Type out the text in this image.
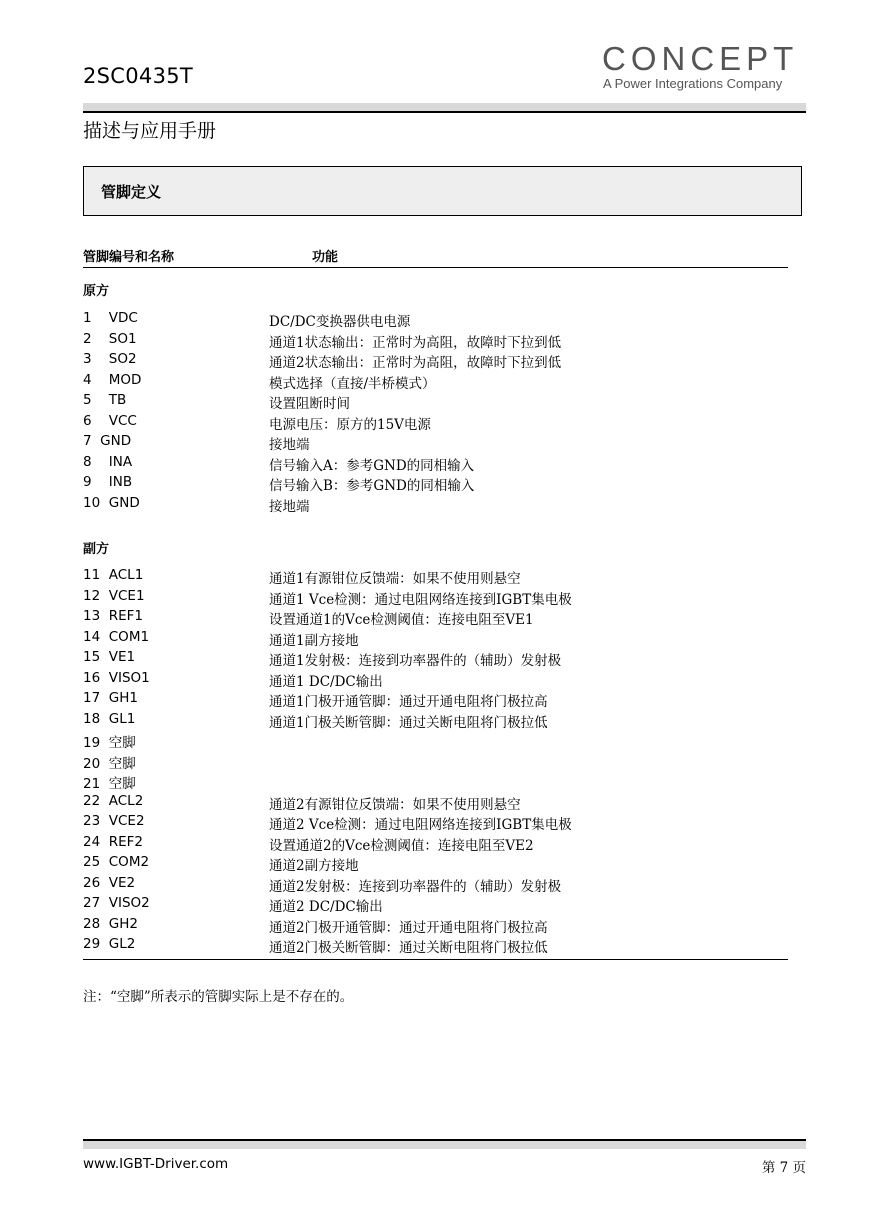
2SC0435T	CONCEPT
A Power Integrations Company
描述与应用手册
管脚定义
管脚编号和名称	功能
原方
1    VDC	DC/DC变换器供电电源
2    SO1	通道1状态输出：正常时为高阻，故障时下拉到低
3    SO2	通道2状态输出：正常时为高阻，故障时下拉到低
4    MOD	模式选择（直接/半桥模式）
5    TB	设置阻断时间
6    VCC	电源电压：原方的15V电源
7  GND	接地端
8    INA	信号输入A：参考GND的同相输入
9    INB	信号输入B：参考GND的同相输入
10  GND	接地端
副方
11  ACL1	通道1有源钳位反馈端：如果不使用则悬空
12  VCE1	通道1 Vce检测：通过电阻网络连接到IGBT集电极
13  REF1	设置通道1的Vce检测阈值：连接电阻至VE1
14  COM1	通道1副方接地
15  VE1	通道1发射极：连接到功率器件的（辅助）发射极
16  VISO1	通道1 DC/DC输出
17  GH1	通道1门极开通管脚：通过开通电阻将门极拉高
18  GL1	通道1门极关断管脚：通过关断电阻将门极拉低
19  空脚
20  空脚
21  空脚
22  ACL2	通道2有源钳位反馈端：如果不使用则悬空
23  VCE2	通道2 Vce检测：通过电阻网络连接到IGBT集电极
24  REF2	设置通道2的Vce检测阈值：连接电阻至VE2
25  COM2	通道2副方接地
26  VE2	通道2发射极：连接到功率器件的（辅助）发射极
27  VISO2	通道2 DC/DC输出
28  GH2	通道2门极开通管脚：通过开通电阻将门极拉高
29  GL2	通道2门极关断管脚：通过关断电阻将门极拉低
注：“空脚”所表示的管脚实际上是不存在的。
www.IGBT-Driver.com	第 7 页
